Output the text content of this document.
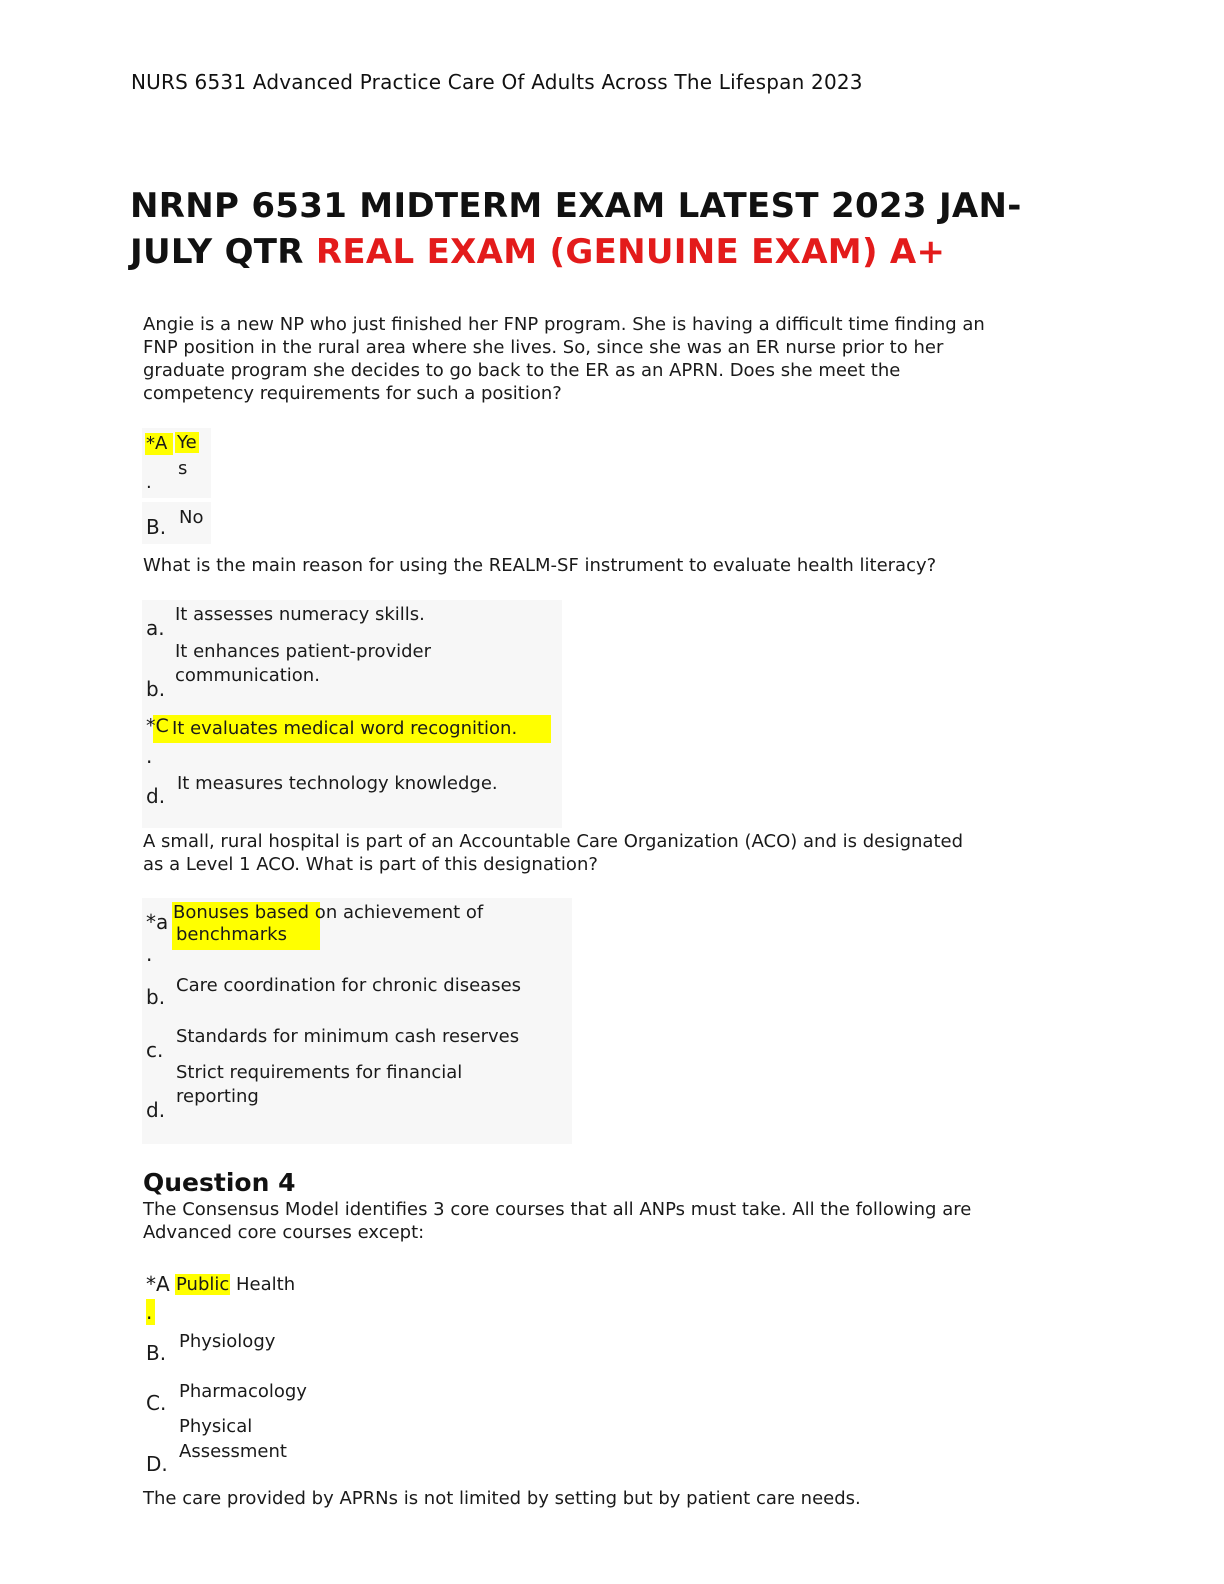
NURS 6531 Advanced Practice Care Of Adults Across The Lifespan 2023
NRNP 6531 MIDTERM EXAM LATEST 2023 JAN-
JULY QTR REAL EXAM (GENUINE EXAM) A+
Angie is a new NP who just finished her FNP program. She is having a difficult time finding an
FNP position in the rural area where she lives. So, since she was an ER nurse prior to her
graduate program she decides to go back to the ER as an APRN. Does she meet the
competency requirements for such a position?
*A
.
Ye
s
B. No
What is the main reason for using the REALM-SF instrument to evaluate health literacy?
a.
It assesses numeracy skills.
It enhances patient-provider
communication.
b.
*C
.
It evaluates medical word recognition.
d.
It measures technology knowledge.
A small, rural hospital is part of an Accountable Care Organization (ACO) and is designated
as a Level 1 ACO. What is part of this designation?
*a
.
Bonuses based on achievement of
benchmarks
b. Care coordination for chronic diseases
c.
Standards for minimum cash reserves
Strict requirements for financial
reporting
d.
Question 4
The Consensus Model identifies 3 core courses that all ANPs must take. All the following are
Advanced core courses except:
*A
.
Public Health
B. Physiology
C. Pharmacology
Physical
Assessment
D.
The care provided by APRNs is not limited by setting but by patient care needs.
